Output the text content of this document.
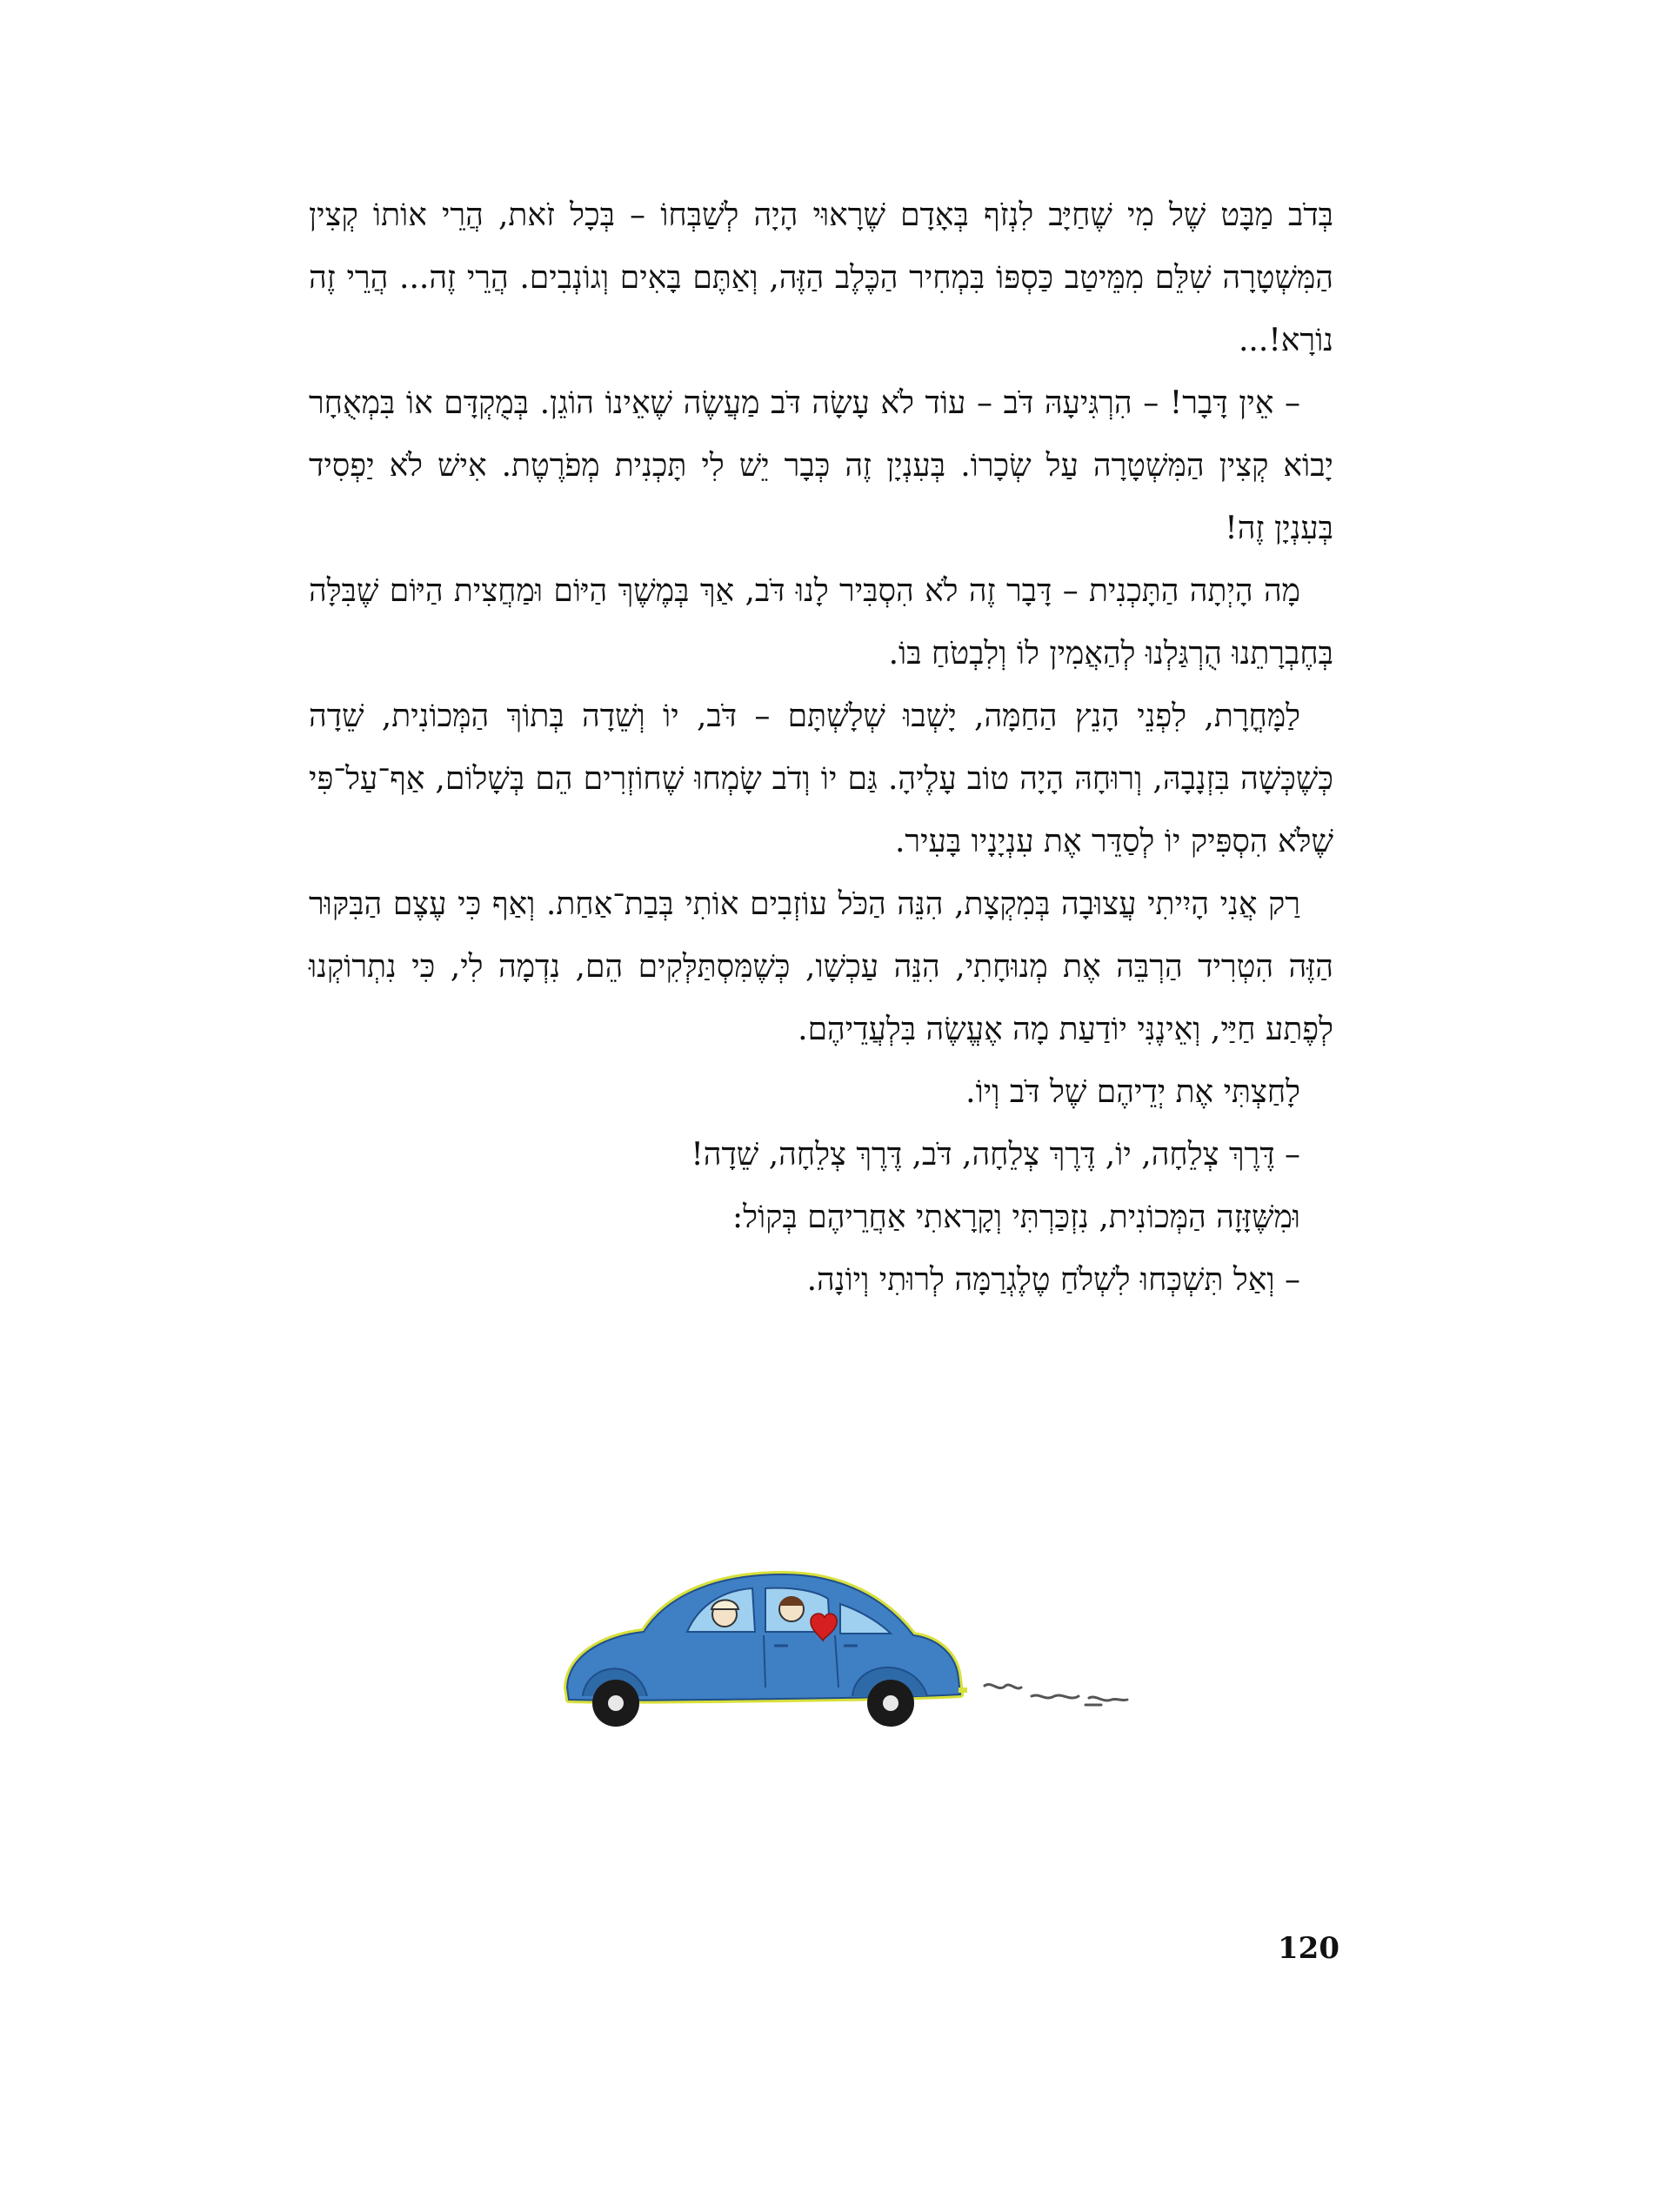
בְּדֹב מַבָּט שֶׁל מִי שֶׁחַיָּב לִנְזֹף בְּאָדָם שֶׁרָאוּי הָיָה לְשַׁבְּחוֹ – בְּכָל זֹאת, הֲרֵי אוֹתוֹ קְצִין הַמִּשְׁטָרָה שִׁלֵּם מִמֵּיטַב כַּסְפּוֹ בִּמְחִיר הַכֶּלֶב הַזֶּה, וְאַתֶּם בָּאִים וְגוֹנְבִים. הֲרֵי זֶה... הֲרֵי זֶה נוֹרָא!...

– אֵין דָּבָר! – הִרְגִּיעָהּ דֹּב – עוֹד לֹא עָשָׂה דֹּב מַעֲשֶׂה שֶׁאֵינוֹ הוֹגֵן. בְּמֻקְדָּם אוֹ בִּמְאֻחָר יָבוֹא קְצִין הַמִּשְׁטָרָה עַל שְׂכָרוֹ. בְּעִנְיָן זֶה כְּבָר יֵשׁ לִי תָּכְנִית מְפֹרֶטֶת. אִישׁ לֹא יַפְסִיד בְּעִנְיָן זֶה!

מָה הָיְתָה הַתָּכְנִית – דָּבָר זֶה לֹא הִסְבִּיר לָנוּ דֹּב, אַךְ בְּמֶשֶׁךְ הַיּוֹם וּמַחֲצִית הַיּוֹם שֶׁבִּלָּה בְּחֶבְרָתֵנוּ הֻרְגַּלְנוּ לְהַאֲמִין לוֹ וְלִבְטֹחַ בּוֹ.

לַמָּחֳרָת, לִפְנֵי הָנֵץ הַחַמָּה, יָשְׁבוּ שְׁלָשְׁתָּם – דֹּב, יוֹ וְשֵׁדָה בְּתוֹךְ הַמְּכוֹנִית, שֵׁדָה כְּשֶׁכְּשָׁה בִּזְנָבָהּ, וְרוּחָהּ הָיָה טוֹב עָלֶיהָ. גַּם יוֹ וְדֹב שָׂמְחוּ שֶׁחוֹזְרִים הֵם בְּשָׁלוֹם, אַף־עַל־פִּי שֶׁלֹּא הִסְפִּיק יוֹ לְסַדֵּר אֶת עִנְיָנָיו בָּעִיר.

רַק אֲנִי הָיִיתִי עֲצוּבָה בְּמִקְצָת, הִנֵּה הַכֹּל עוֹזְבִים אוֹתִי בְּבַת־אַחַת. וְאַף כִּי עֶצֶם הַבִּקּוּר הַזֶּה הִטְרִיד הַרְבֵּה אֶת מְנוּחָתִי, הִנֵּה עַכְשָׁו, כְּשֶׁמִּסְתַּלְּקִים הֵם, נִדְמָה לִי, כִּי נִתְרוֹקְנוּ לְפֶתַע חַיַּי, וְאֵינֶנִּי יוֹדַעַת מָה אֶעֱשֶׂה בִּלְעֲדֵיהֶם.

לָחַצְתִּי אֶת יְדֵיהֶם שֶׁל דֹּב וְיוֹ.

– דֶּרֶךְ צְלֵחָה, יוֹ, דֶּרֶךְ צְלֵחָה, דֹּב, דֶּרֶךְ צְלֵחָה, שֵׁדָה!

וּמִשֶּׁזָּזָה הַמְּכוֹנִית, נִזְכַּרְתִּי וְקָרָאתִי אַחֲרֵיהֶם בְּקוֹל:

– וְאַל תִּשְׁכְּחוּ לִשְׁלֹחַ טֶלֶגְרַמָּה לְרוּתִי וְיוֹנָה.

120
